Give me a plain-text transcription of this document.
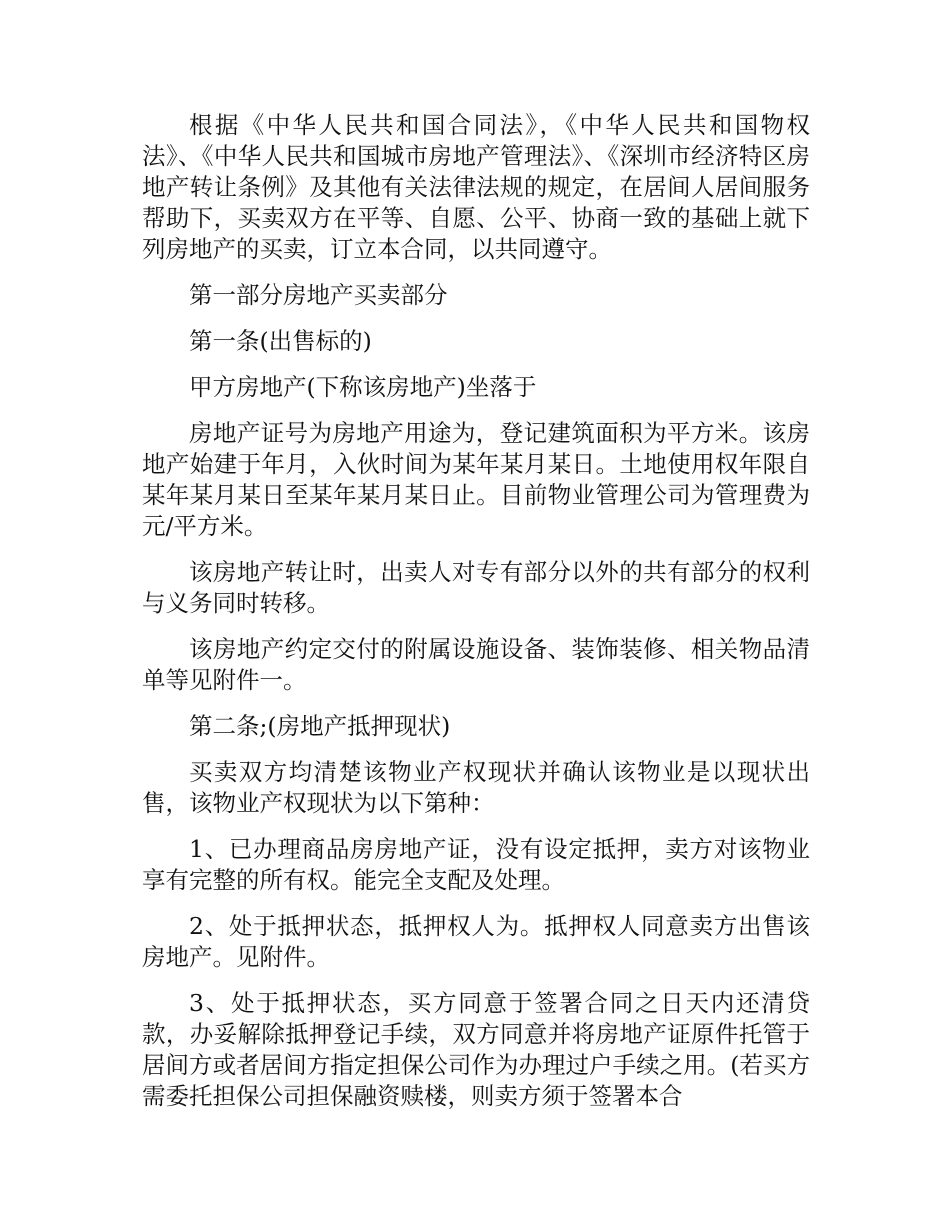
根据《中华人民共和国合同法》，《中华人民共和国物权法》、《中华人民共和国城市房地产管理法》、《深圳市经济特区房地产转让条例》及其他有关法律法规的规定，在居间人居间服务帮助下，买卖双方在平等、自愿、公平、协商一致的基础上就下列房地产的买卖，订立本合同，以共同遵守。

第一部分房地产买卖部分

第一条(出售标的)

甲方房地产(下称该房地产)坐落于

房地产证号为房地产用途为，登记建筑面积为平方米。该房地产始建于年月，入伙时间为某年某月某日。土地使用权年限自某年某月某日至某年某月某日止。目前物业管理公司为管理费为元/平方米。

该房地产转让时，出卖人对专有部分以外的共有部分的权利与义务同时转移。

该房地产约定交付的附属设施设备、装饰装修、相关物品清单等见附件一。

第二条;(房地产抵押现状)

买卖双方均清楚该物业产权现状并确认该物业是以现状出售，该物业产权现状为以下第种：

1、已办理商品房房地产证，没有设定抵押，卖方对该物业享有完整的所有权。能完全支配及处理。

2、处于抵押状态，抵押权人为。抵押权人同意卖方出售该房地产。见附件。

3、处于抵押状态，买方同意于签署合同之日天内还清贷款，办妥解除抵押登记手续，双方同意并将房地产证原件托管于居间方或者居间方指定担保公司作为办理过户手续之用。(若买方需委托担保公司担保融资赎楼，则卖方须于签署本合
